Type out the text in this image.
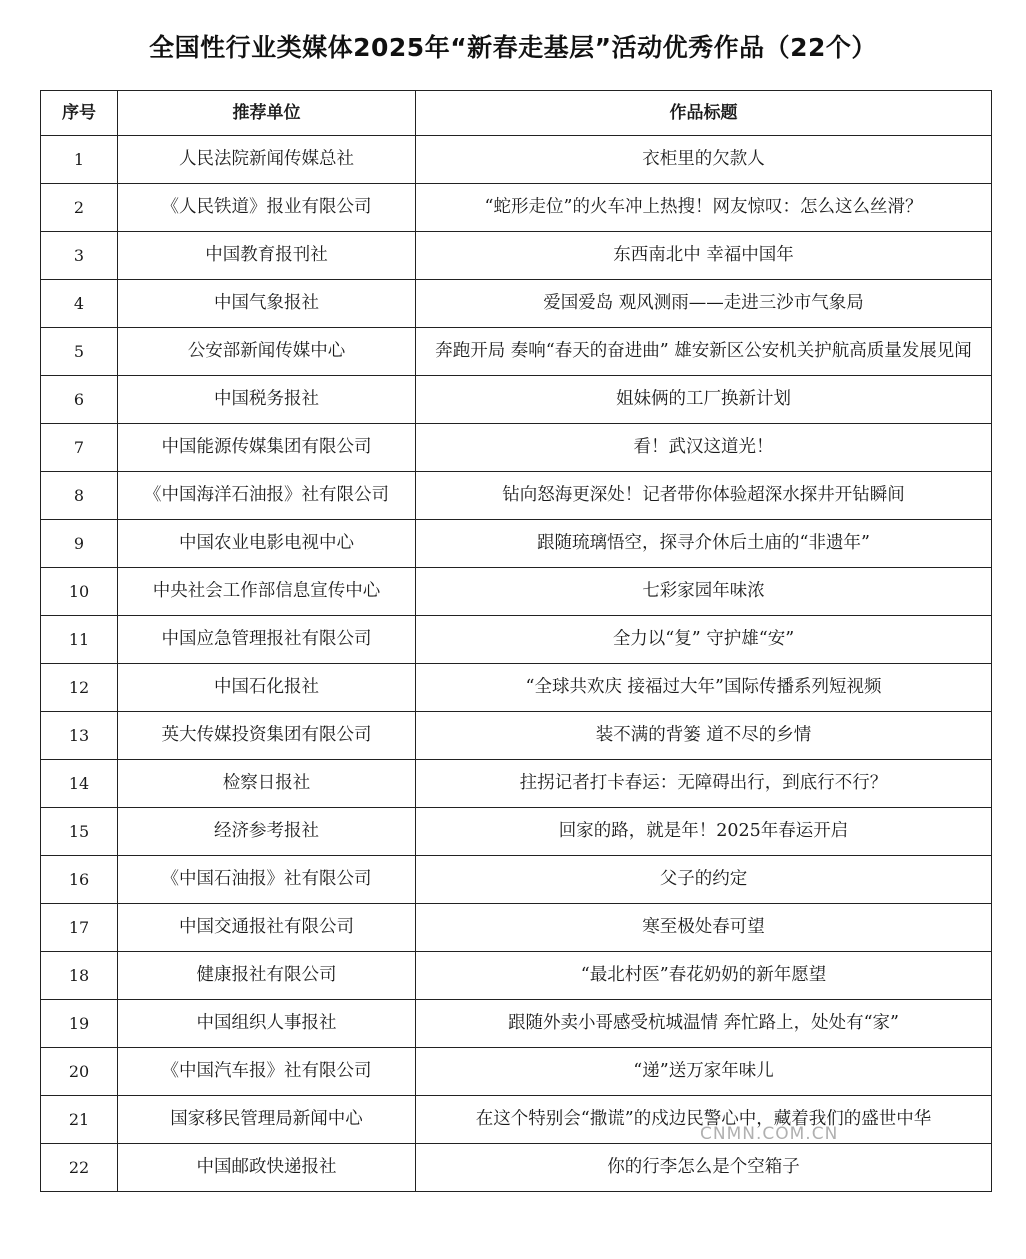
全国性行业类媒体2025年“新春走基层”活动优秀作品（22个）
序号	推荐单位	作品标题
1	人民法院新闻传媒总社	衣柜里的欠款人
2	《人民铁道》报业有限公司	“蛇形走位”的火车冲上热搜！网友惊叹：怎么这么丝滑？
3	中国教育报刊社	东西南北中 幸福中国年
4	中国气象报社	爱国爱岛 观风测雨——走进三沙市气象局
5	公安部新闻传媒中心	奔跑开局 奏响“春天的奋进曲” 雄安新区公安机关护航高质量发展见闻
6	中国税务报社	姐妹俩的工厂换新计划
7	中国能源传媒集团有限公司	看！武汉这道光！
8	《中国海洋石油报》社有限公司	钻向怒海更深处！记者带你体验超深水探井开钻瞬间
9	中国农业电影电视中心	跟随琉璃悟空，探寻介休后土庙的“非遗年”
10	中央社会工作部信息宣传中心	七彩家园年味浓
11	中国应急管理报社有限公司	全力以“复” 守护雄“安”
12	中国石化报社	“全球共欢庆 接福过大年”国际传播系列短视频
13	英大传媒投资集团有限公司	装不满的背篓 道不尽的乡情
14	检察日报社	拄拐记者打卡春运：无障碍出行，到底行不行？
15	经济参考报社	回家的路，就是年！2025年春运开启
16	《中国石油报》社有限公司	父子的约定
17	中国交通报社有限公司	寒至极处春可望
18	健康报社有限公司	“最北村医”春花奶奶的新年愿望
19	中国组织人事报社	跟随外卖小哥感受杭城温情 奔忙路上，处处有“家”
20	《中国汽车报》社有限公司	“递”送万家年味儿
21	国家移民管理局新闻中心	在这个特别会“撒谎”的戍边民警心中，藏着我们的盛世中华
22	中国邮政快递报社	你的行李怎么是个空箱子
CNMN.COM.CN
